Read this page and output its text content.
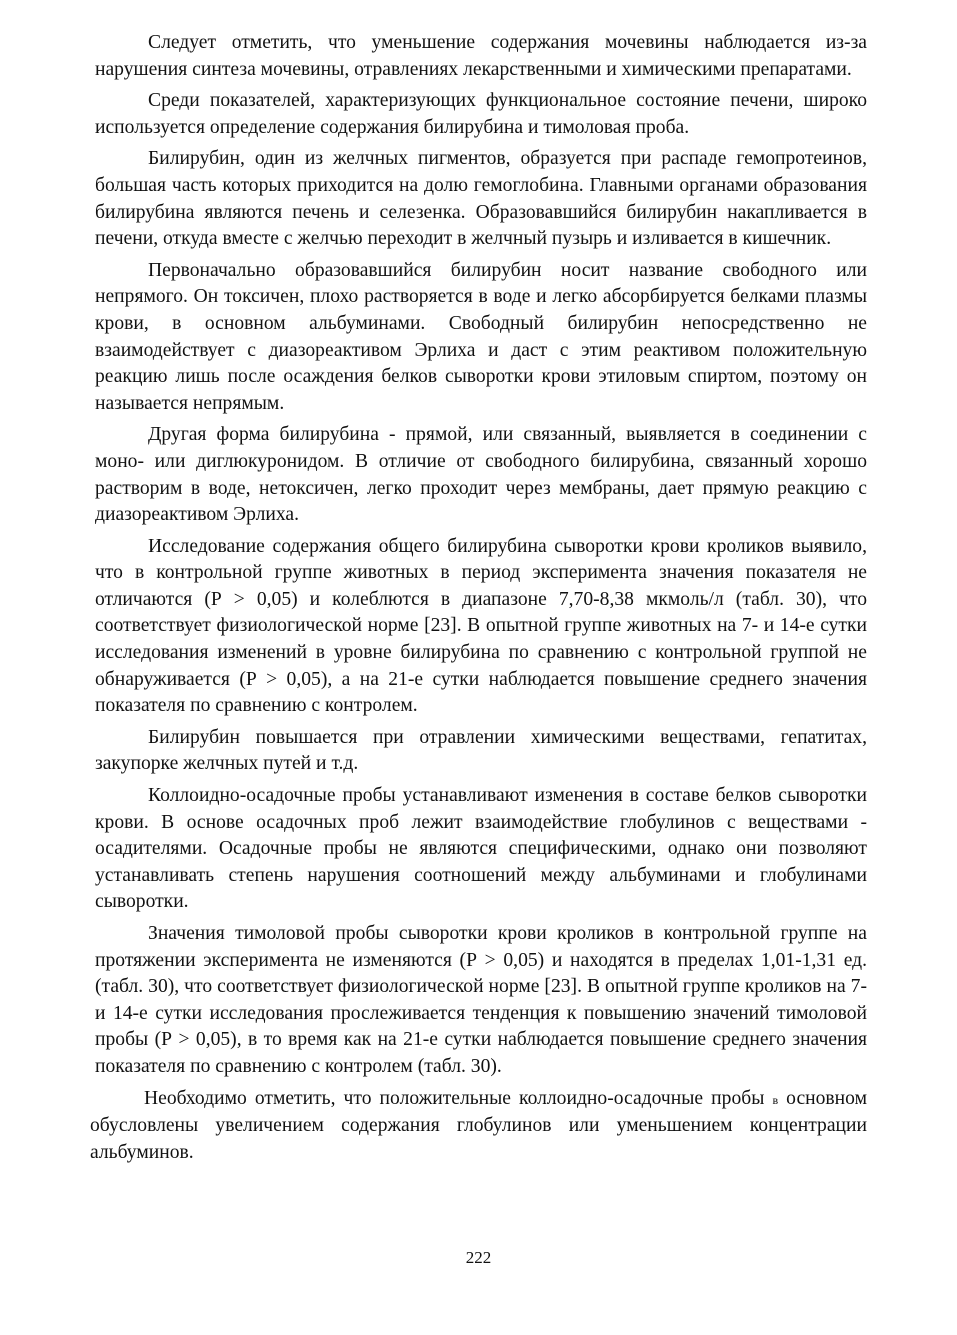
Следует отметить, что уменьшение содержания мочевины наблюдается из-за нарушения синтеза мочевины, отравлениях лекарственными и химическими препаратами.

Среди показателей, характеризующих функциональное состояние печени, широко используется определение содержания билирубина и тимоловая проба.

Билирубин, один из желчных пигментов, образуется при распаде гемопротеинов, большая часть которых приходится на долю гемоглобина. Главными органами образования билирубина являются печень и селезенка. Образовавшийся билирубин накапливается в печени, откуда вместе с желчью переходит в желчный пузырь и изливается в кишечник.

Первоначально образовавшийся билирубин носит название свободного или непрямого. Он токсичен, плохо растворяется в воде и легко абсорбируется белками плазмы крови, в основном альбуминами. Свободный билирубин непосредственно не взаимодействует с диазореактивом Эрлиха и даст с этим реактивом положительную реакцию лишь после осаждения белков сыворотки крови этиловым спиртом, поэтому он называется непрямым.

Другая форма билирубина - прямой, или связанный, выявляется в соединении с моно- или диглюкуронидом. В отличие от свободного билирубина, связанный хорошо растворим в воде, нетоксичен, легко проходит через мембраны, дает прямую реакцию с диазореактивом Эрлиха.

Исследование содержания общего билирубина сыворотки крови кроликов выявило, что в контрольной группе животных в период эксперимента значения показателя не отличаются (Р > 0,05) и колеблются в диапазоне 7,70-8,38 мкмоль/л (табл. 30), что соответствует физиологической норме [23]. В опытной группе животных на 7- и 14-е сутки исследования изменений в уровне билирубина по сравнению с контрольной группой не обнаруживается (Р > 0,05), а на 21-е сутки наблюдается повышение среднего значения показателя по сравнению с контролем.

Билирубин повышается при отравлении химическими веществами, гепатитах, закупорке желчных путей и т.д.

Коллоидно-осадочные пробы устанавливают изменения в составе белков сыворотки крови. В основе осадочных проб лежит взаимодействие глобулинов с веществами - осадителями. Осадочные пробы не являются специфическими, однако они позволяют устанавливать степень нарушения соотношений между альбуминами и глобулинами сыворотки.

Значения тимоловой пробы сыворотки крови кроликов в контрольной группе на протяжении эксперимента не изменяются (Р > 0,05) и находятся в пределах 1,01-1,31 ед. (табл. 30), что соответствует физиологической норме [23]. В опытной группе кроликов на 7- и 14-е сутки исследования прослеживается тенденция к повышению значений тимоловой пробы (Р > 0,05), в то время как на 21-е сутки наблюдается повышение среднего значения показателя по сравнению с контролем (табл. 30).

Необходимо отметить, что положительные коллоидно-осадочные пробы в основном обусловлены увеличением содержания глобулинов или уменьшением концентрации альбуминов.

222
